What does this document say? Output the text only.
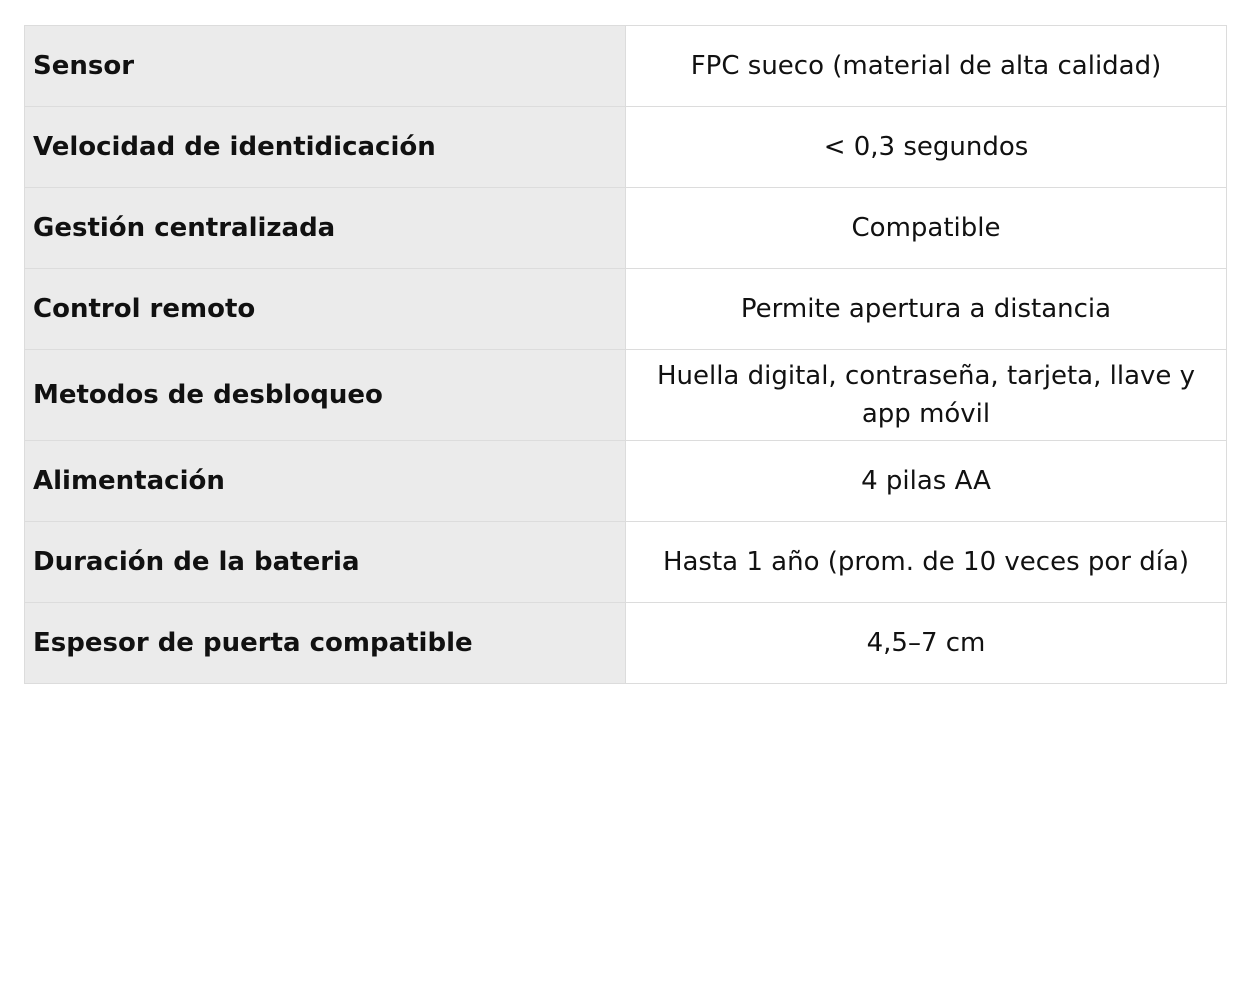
Sensor	FPC sueco (material de alta calidad)
Velocidad de identidicación	< 0,3 segundos
Gestión centralizada	Compatible
Control remoto	Permite apertura a distancia
Metodos de desbloqueo	Huella digital, contraseña, tarjeta, llave y app móvil
Alimentación	4 pilas AA
Duración de la bateria	Hasta 1 año (prom. de 10 veces por día)
Espesor de puerta compatible	4,5–7 cm
